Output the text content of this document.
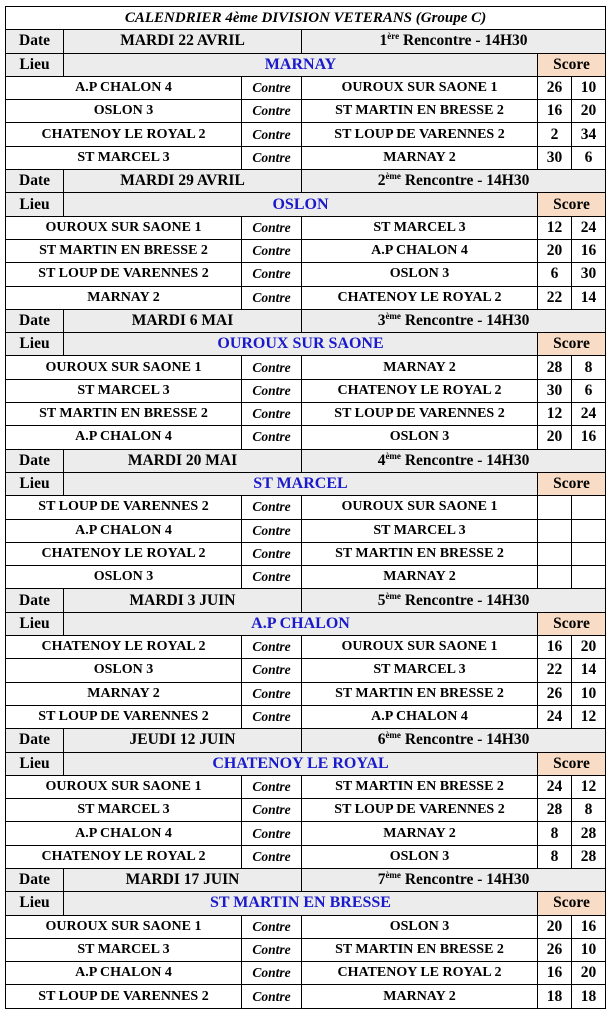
CALENDRIER 4ème DIVISION VETERANS (Groupe C)					
Date	MARDI 22 AVRIL		1ère Rencontre - 14H30		
Lieu	MARNAY			Score	
A.P CHALON 4		Contre	OUROUX SUR SAONE 1	26	10
OSLON 3		Contre	ST MARTIN EN BRESSE 2	16	20
CHATENOY LE ROYAL 2		Contre	ST LOUP DE VARENNES 2	2	34
ST MARCEL 3		Contre	MARNAY 2	30	6
Date	MARDI 29 AVRIL		2ème Rencontre - 14H30		
Lieu	OSLON			Score	
OUROUX SUR SAONE 1		Contre	ST MARCEL 3	12	24
ST MARTIN EN BRESSE 2		Contre	A.P CHALON 4	20	16
ST LOUP DE VARENNES 2		Contre	OSLON 3	6	30
MARNAY 2		Contre	CHATENOY LE ROYAL 2	22	14
Date	MARDI 6 MAI		3ème Rencontre - 14H30		
Lieu	OUROUX SUR SAONE			Score	
OUROUX SUR SAONE 1		Contre	MARNAY 2	28	8
ST MARCEL 3		Contre	CHATENOY LE ROYAL 2	30	6
ST MARTIN EN BRESSE 2		Contre	ST LOUP DE VARENNES 2	12	24
A.P CHALON 4		Contre	OSLON 3	20	16
Date	MARDI 20 MAI		4ème Rencontre - 14H30		
Lieu	ST MARCEL			Score	
ST LOUP DE VARENNES 2		Contre	OUROUX SUR SAONE 1		
A.P CHALON 4		Contre	ST MARCEL 3		
CHATENOY LE ROYAL 2		Contre	ST MARTIN EN BRESSE 2		
OSLON 3		Contre	MARNAY 2		
Date	MARDI 3 JUIN		5ème Rencontre - 14H30		
Lieu	A.P CHALON			Score	
CHATENOY LE ROYAL 2		Contre	OUROUX SUR SAONE 1	16	20
OSLON 3		Contre	ST MARCEL 3	22	14
MARNAY 2		Contre	ST MARTIN EN BRESSE 2	26	10
ST LOUP DE VARENNES 2		Contre	A.P CHALON 4	24	12
Date	JEUDI 12 JUIN		6ème Rencontre - 14H30		
Lieu	CHATENOY LE ROYAL			Score	
OUROUX SUR SAONE 1		Contre	ST MARTIN EN BRESSE 2	24	12
ST MARCEL 3		Contre	ST LOUP DE VARENNES 2	28	8
A.P CHALON 4		Contre	MARNAY 2	8	28
CHATENOY LE ROYAL 2		Contre	OSLON 3	8	28
Date	MARDI 17 JUIN		7ème Rencontre - 14H30		
Lieu	ST MARTIN EN BRESSE			Score	
OUROUX SUR SAONE 1		Contre	OSLON 3	20	16
ST MARCEL 3		Contre	ST MARTIN EN BRESSE 2	26	10
A.P CHALON 4		Contre	CHATENOY LE ROYAL 2	16	20
ST LOUP DE VARENNES 2		Contre	MARNAY 2	18	18
